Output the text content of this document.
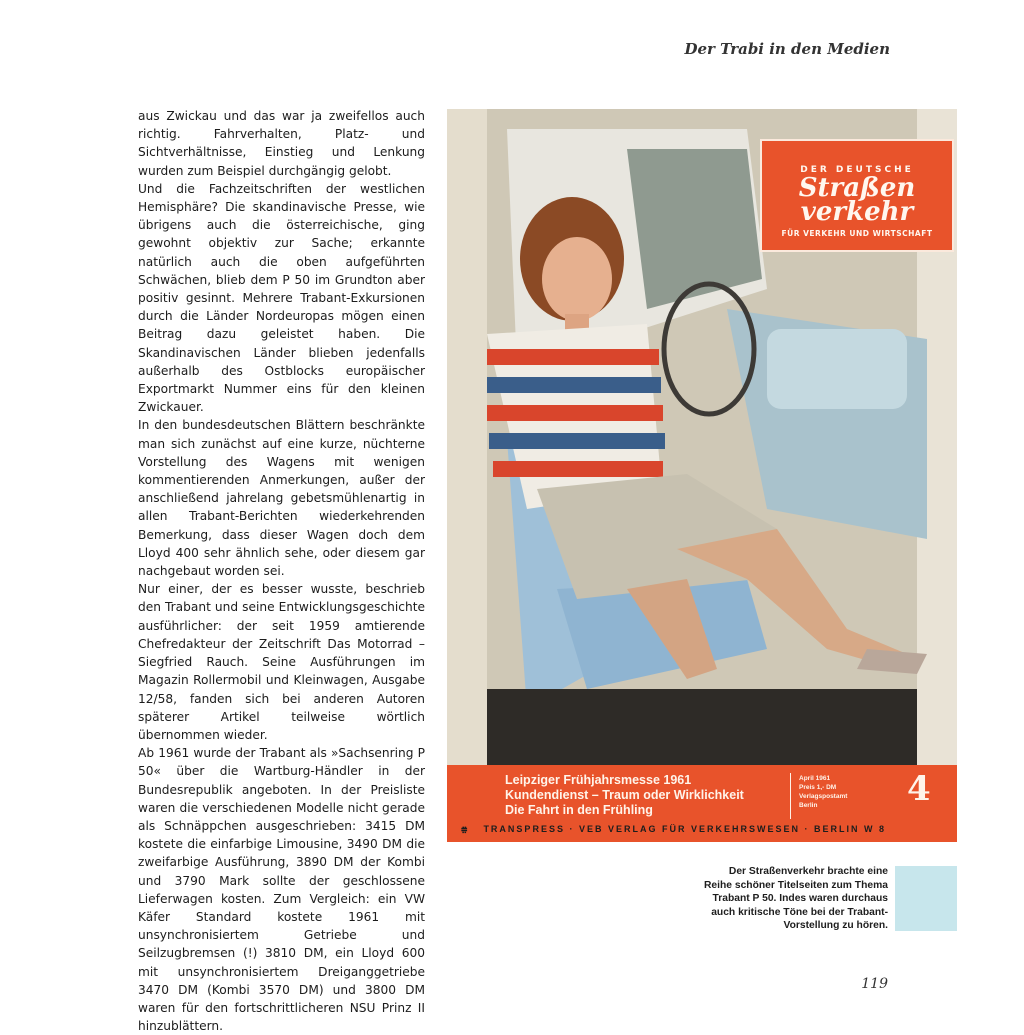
Der Trabi in den Medien

aus Zwickau und das war ja zweifellos auch richtig. Fahrverhalten, Platz- und Sichtverhältnisse, Einstieg und Lenkung wurden zum Beispiel durchgängig gelobt.

Und die Fachzeitschriften der westlichen Hemisphäre? Die skandinavische Presse, wie übrigens auch die österreichische, ging gewohnt objektiv zur Sache; erkannte natürlich auch die oben aufgeführten Schwächen, blieb dem P 50 im Grundton aber positiv gesinnt. Mehrere Trabant-Exkursionen durch die Länder Nordeuropas mögen einen Beitrag dazu geleistet haben. Die Skandinavischen Länder blieben jedenfalls außerhalb des Ostblocks europäischer Exportmarkt Nummer eins für den kleinen Zwickauer.

In den bundesdeutschen Blättern beschränkte man sich zunächst auf eine kurze, nüchterne Vorstellung des Wagens mit wenigen kommentierenden Anmerkungen, außer der anschließend jahrelang gebetsmühlenartig in allen Trabant-Berichten wiederkehrenden Bemerkung, dass dieser Wagen doch dem Lloyd 400 sehr ähnlich sehe, oder diesem gar nachgebaut worden sei.

Nur einer, der es besser wusste, beschrieb den Trabant und seine Entwicklungsgeschichte ausführlicher: der seit 1959 amtierende Chefredakteur der Zeitschrift Das Motorrad – Siegfried Rauch. Seine Ausführungen im Magazin Rollermobil und Kleinwagen, Ausgabe 12/58, fanden sich bei anderen Autoren späterer Artikel teilweise wörtlich übernommen wieder.

Ab 1961 wurde der Trabant als »Sachsenring P 50« über die Wartburg-Händler in der Bundesrepublik angeboten. In der Preisliste waren die verschiedenen Modelle nicht gerade als Schnäppchen ausgeschrieben: 3415 DM kostete die einfarbige Limousine, 3490 DM die zweifarbige Ausführung, 3890 DM der Kombi und 3790 Mark sollte der geschlossene Lieferwagen kosten. Zum Vergleich: ein VW Käfer Standard kostete 1961 mit unsynchronisiertem Getriebe und Seilzugbremsen (!) 3810 DM, ein Lloyd 600 mit unsynchronisiertem Dreiganggetriebe 3470 DM (Kombi 3570 DM) und 3800 DM waren für den fortschrittlicheren NSU Prinz II hinzublättern.

DER DEUTSCHE
Straßen
verkehr
FÜR VERKEHR UND WIRTSCHAFT
Leipziger Frühjahrsmesse 1961
Kundendienst – Traum oder Wirklichkeit
Die Fahrt in den Frühling
April 1961
Preis 1,- DM
Verlagspostamt
Berlin	4
⩷ TRANSPRESS · VEB VERLAG FÜR VERKEHRSWESEN · BERLIN W 8
Der Straßenverkehr brachte eine Reihe schöner Titelseiten zum Thema Trabant P 50. Indes waren durchaus auch kritische Töne bei der Trabant-Vorstellung zu hören.
119
